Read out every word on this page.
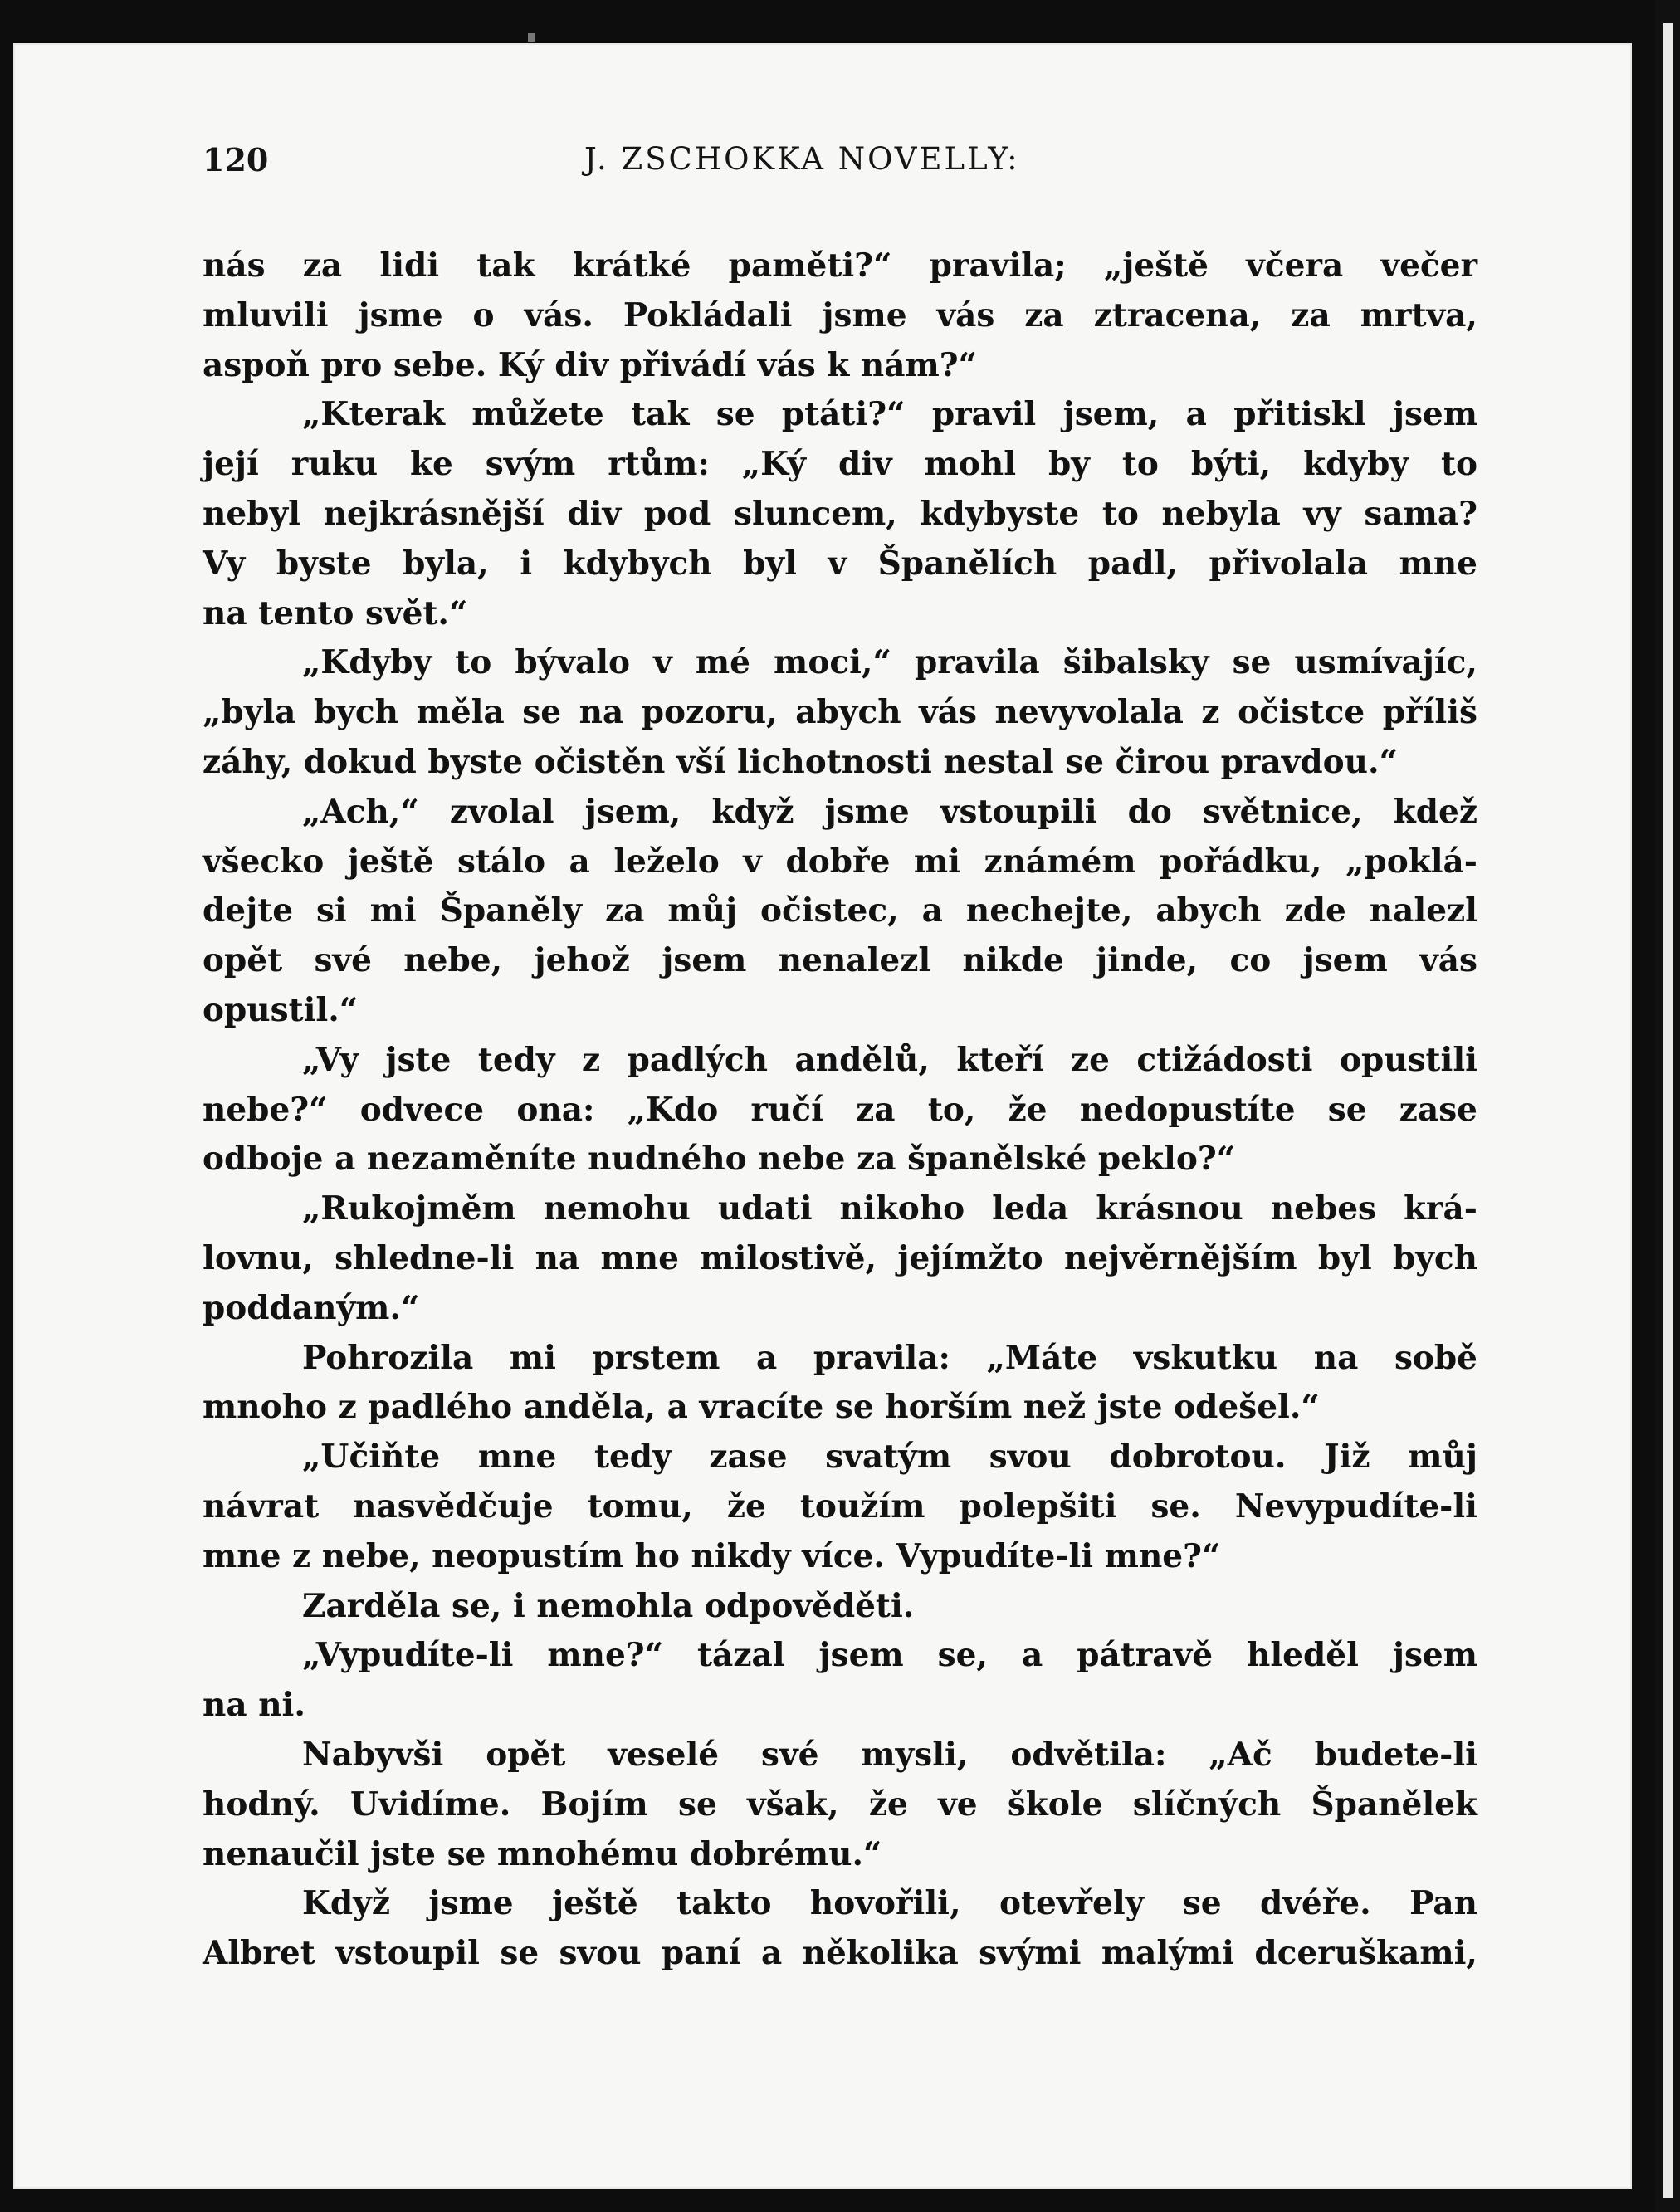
120	J. ZSCHOKKA NOVELLY:
nás za lidi tak krátké paměti?“ pravila; „ještě včera večer
mluvili jsme o vás. Pokládali jsme vás za ztracena, za mrtva,
aspoň pro sebe. Ký div přivádí vás k nám?“
„Kterak můžete tak se ptáti?“ pravil jsem, a přitiskl jsem
její ruku ke svým rtům: „Ký div mohl by to býti, kdyby to
nebyl nejkrásnější div pod sluncem, kdybyste to nebyla vy sama?
Vy byste byla, i kdybych byl v Španělích padl, přivolala mne
na tento svět.“
„Kdyby to bývalo v mé moci,“ pravila šibalsky se usmívajíc,
„byla bych měla se na pozoru, abych vás nevyvolala z očistce příliš
záhy, dokud byste očistěn vší lichotnosti nestal se čirou pravdou.“
„Ach,“ zvolal jsem, když jsme vstoupili do světnice, kdež
všecko ještě stálo a leželo v dobře mi známém pořádku, „poklá-
dejte si mi Španěly za můj očistec, a nechejte, abych zde nalezl
opět své nebe, jehož jsem nenalezl nikde jinde, co jsem vás
opustil.“
„Vy jste tedy z padlých andělů, kteří ze ctižádosti opustili
nebe?“ odvece ona: „Kdo ručí za to, že nedopustíte se zase
odboje a nezaměníte nudného nebe za španělské peklo?“
„Rukojměm nemohu udati nikoho leda krásnou nebes krá-
lovnu, shledne-li na mne milostivě, jejímžto nejvěrnějším byl bych
poddaným.“
Pohrozila mi prstem a pravila: „Máte vskutku na sobě
mnoho z padlého anděla, a vracíte se horším než jste odešel.“
„Učiňte mne tedy zase svatým svou dobrotou. Již můj
návrat nasvědčuje tomu, že toužím polepšiti se. Nevypudíte-li
mne z nebe, neopustím ho nikdy více. Vypudíte-li mne?“
Zarděla se, i nemohla odpověděti.
„Vypudíte-li mne?“ tázal jsem se, a pátravě hleděl jsem
na ni.
Nabyvši opět veselé své mysli, odvětila: „Ač budete-li
hodný. Uvidíme. Bojím se však, že ve škole slíčných Španělek
nenaučil jste se mnohému dobrému.“
Když jsme ještě takto hovořili, otevřely se dvéře. Pan
Albret vstoupil se svou paní a několika svými malými dceruškami,
